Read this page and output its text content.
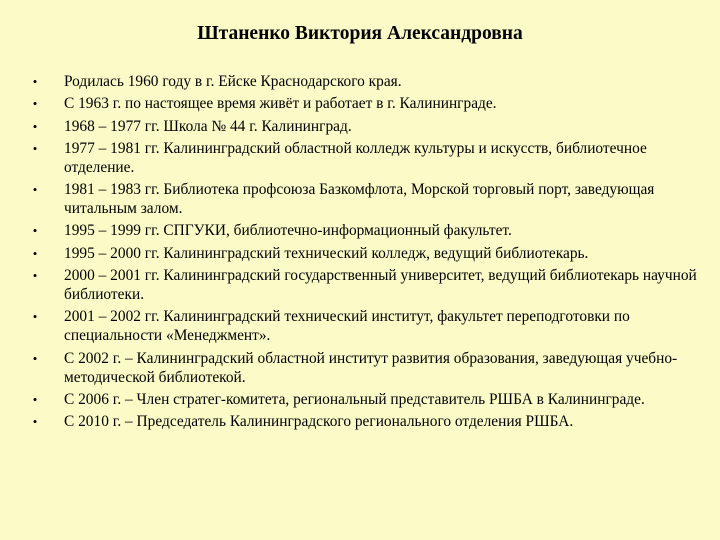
Штаненко Виктория Александровна
• Родилась 1960 году в г. Ейске Краснодарского края.
• С 1963 г. по настоящее время живёт и работает в г. Калининграде.
• 1968 – 1977 гг. Школа № 44 г. Калининград.
• 1977 – 1981 гг. Калининградский областной колледж культуры и искусств, библиотечное отделение.
• 1981 – 1983 гг. Библиотека профсоюза Базкомфлота, Морской торговый порт, заведующая читальным залом.
• 1995 – 1999 гг. СПГУКИ, библиотечно-информационный факультет.
• 1995 – 2000 гг. Калининградский технический колледж, ведущий библиотекарь.
• 2000 – 2001 гг. Калининградский государственный университет, ведущий библиотекарь научной библиотеки.
• 2001 – 2002 гг. Калининградский технический институт, факультет переподготовки по специальности «Менеджмент».
• С 2002 г. – Калининградский областной институт развития образования, заведующая учебно-методической библиотекой.
• С 2006 г. – Член стратег-комитета, региональный представитель РШБА в Калининграде.
• С 2010 г. – Председатель Калининградского регионального отделения РШБА.
